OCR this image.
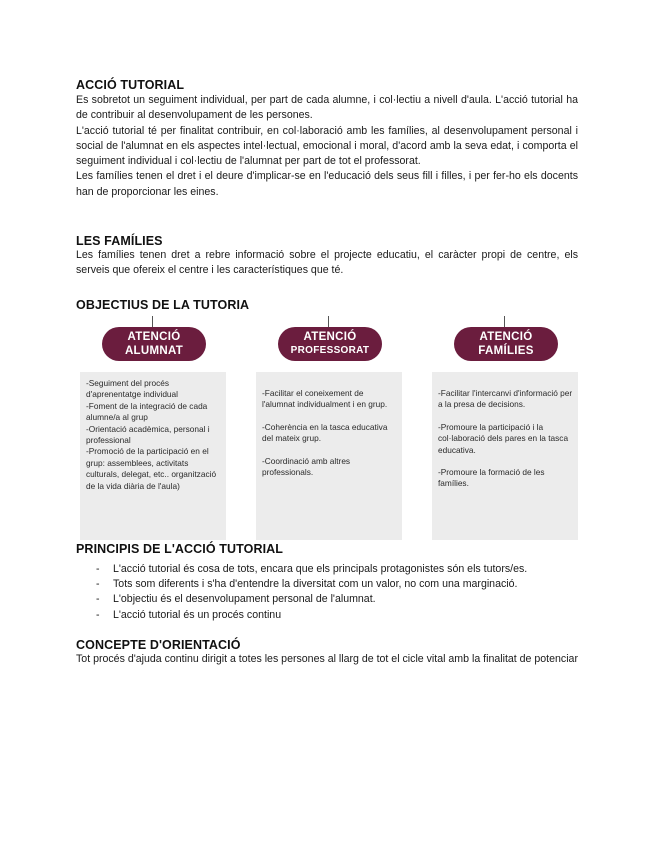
ACCIÓ TUTORIAL

Es sobretot un seguiment individual, per part de cada alumne, i col·lectiu a nivell d'aula. L'acció tutorial ha de contribuir al desenvolupament de les persones.

L'acció tutorial té per finalitat contribuir, en col·laboració amb les famílies, al desenvolupament personal i social de l'alumnat en els aspectes intel·lectual, emocional i moral, d'acord amb la seva edat, i comporta el seguiment individual i col·lectiu de l'alumnat per part de tot el professorat.

Les famílies tenen el dret i el deure d'implicar-se en l'educació dels seus fill i filles, i per fer-ho els docents han de proporcionar les eines.

LES FAMÍLIES

Les famílies tenen dret a rebre informació sobre el projecte educatiu, el caràcter propi de centre, els serveis que ofereix el centre i les característiques que té.

OBJECTIUS DE LA TUTORIA
ATENCIÓ
ALUMNAT
-Seguiment del procés d'aprenentatge individual
-Foment de la integració de cada alumne/a al grup
-Orientació acadèmica, personal i professional
-Promoció de la participació en el grup: assemblees, activitats culturals, delegat, etc.. organització de la vida diària de l'aula)
ATENCIÓ
PROFESSORAT
-Facilitar el coneixement de l'alumnat individualment i en grup.
-Coherència en la tasca educativa del mateix grup.
-Coordinació amb altres professionals.
ATENCIÓ
FAMÍLIES
-Facilitar l'intercanvi d'informació per a la presa de decisions.
-Promoure la participació i la col·laboració dels pares en la tasca educativa.
-Promoure la formació de les famílies.
PRINCIPIS DE L'ACCIÓ TUTORIAL
- L'acció tutorial és cosa de tots, encara que els principals protagonistes són els tutors/es.
- Tots som diferents i s'ha d'entendre la diversitat com un valor, no com una marginació.
- L'objectiu és el desenvolupament personal de l'alumnat.
- L'acció tutorial és un procés continu
CONCEPTE D'ORIENTACIÓ

Tot procés d'ajuda continu dirigit a totes les persones al llarg de tot el cicle vital amb la finalitat de potenciar
